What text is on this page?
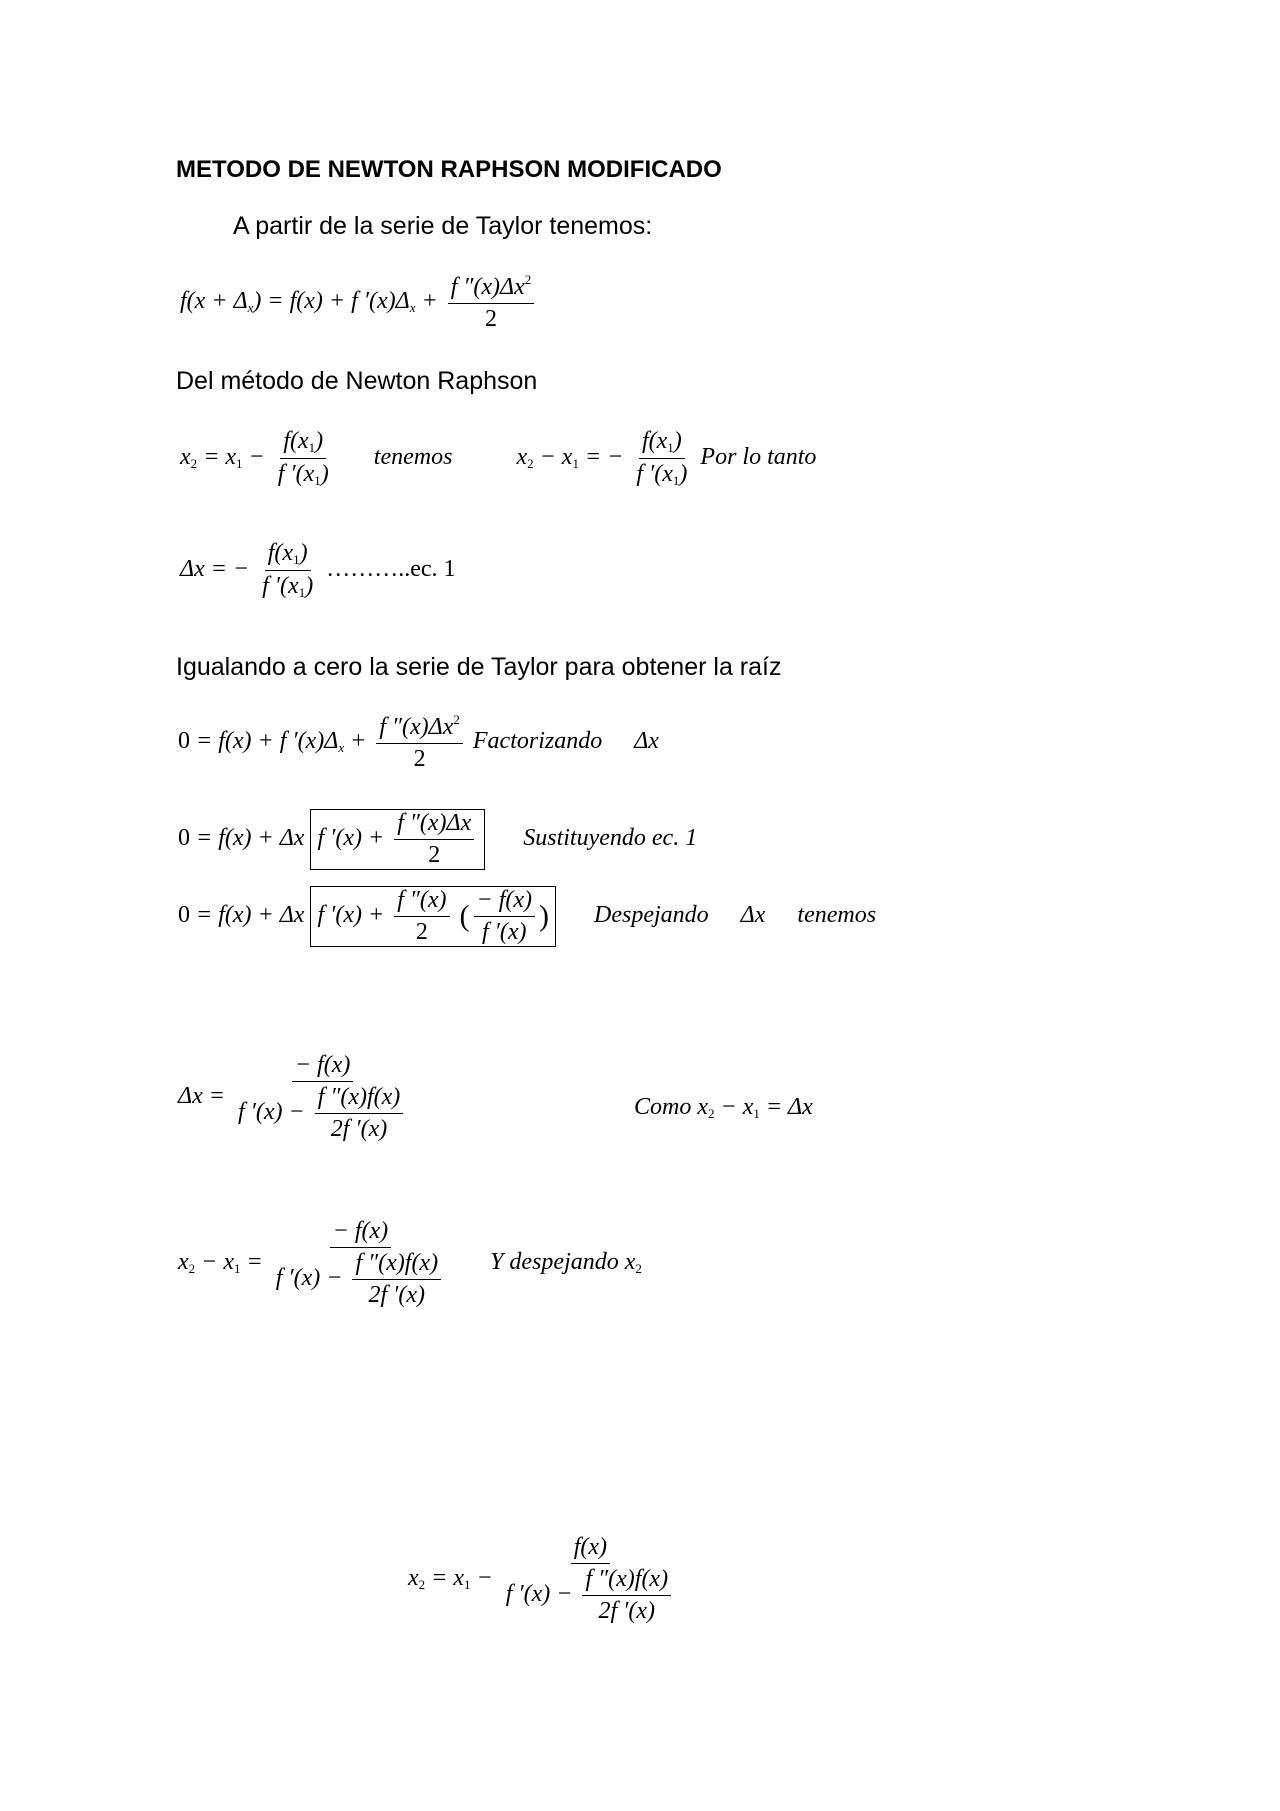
METODO DE NEWTON RAPHSON MODIFICADO
A partir de la serie de Taylor tenemos:
$f(x + \Delta_x) = f(x) + f$ $'(x)\Delta_x + \frac{f ''(x)\Delta x^2}{2}$
Del método de Newton Raphson
$x_2 = x_1 - \frac{f(x_1)}{f '(x_1)}$ tenemos  $x_2 - x_1$ = − $\frac{f(x_1)}{f '(x_1)}$ Por lo tanto
Δx = − $\frac{f(x_1)}{f '(x_1)}$ ………..ec. 1
Igualando a cero la serie de Taylor para obtener la raíz
0 = f(x) + f $'(x)\Delta_x + \frac{f ''(x)\Delta x^2}{2}$ Factorizando Δx
0 = f(x) + Δx f $'(x) + \frac{f ''(x)\Delta x}{2}$ Sustituyendo ec. 1
0 = f(x) + Δx f $'(x) + \frac{f ''(x)}{2}$ ( $\frac{- f(x)}{f '(x)}$ ) Despejando Δx tenemos
$\Delta x = \frac{- f(x)}{f '(x) - \frac{f ''(x)f(x)}{2f '(x)}}$	Como $x_2 - x_1 = \Delta x$
$x_2 - x_1 = \frac{- f(x)}{f '(x) - \frac{f ''(x)f(x)}{2f '(x)}}$ Y despejando $x_2$
$x_2 = x_1 - \frac{f(x)}{f '(x) - \frac{f ''(x)f(x)}{2f '(x)}}$
